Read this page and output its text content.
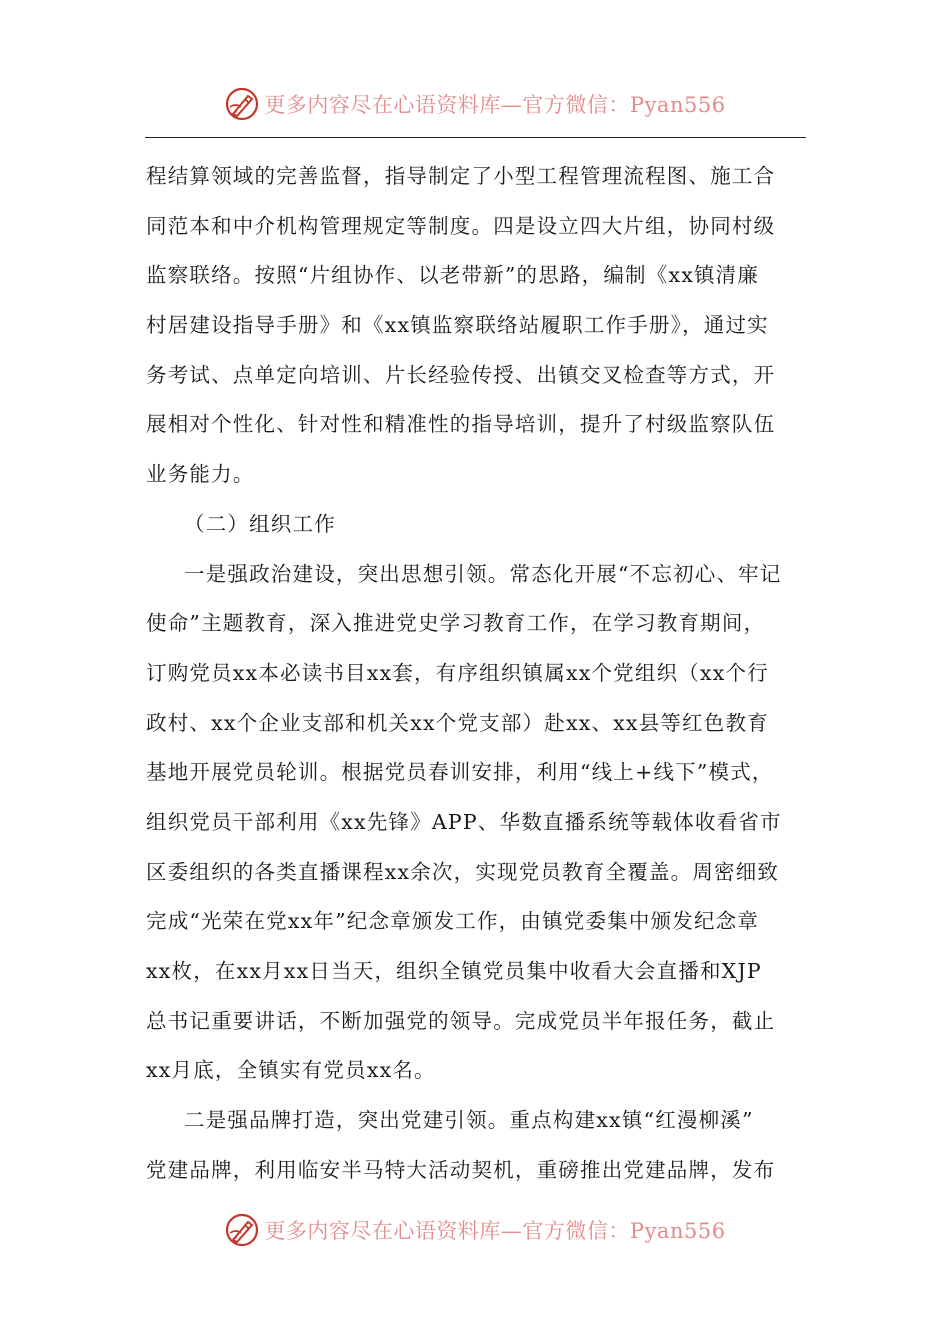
更多内容尽在心语资料库—官方微信：Pyan556
程结算领域的完善监督，指导制定了小型工程管理流程图、施工合
同范本和中介机构管理规定等制度。四是设立四大片组，协同村级
监察联络。按照“片组协作、以老带新”的思路，编制《xx镇清廉
村居建设指导手册》和《xx镇监察联络站履职工作手册》，通过实
务考试、点单定向培训、片长经验传授、出镇交叉检查等方式，开
展相对个性化、针对性和精准性的指导培训，提升了村级监察队伍
业务能力。
（二）组织工作
一是强政治建设，突出思想引领。常态化开展“不忘初心、牢记
使命”主题教育，深入推进党史学习教育工作，在学习教育期间，
订购党员xx本必读书目xx套，有序组织镇属xx个党组织（xx个行
政村、xx个企业支部和机关xx个党支部）赴xx、xx县等红色教育
基地开展党员轮训。根据党员春训安排，利用“线上+线下”模式，
组织党员干部利用《xx先锋》APP、华数直播系统等载体收看省市
区委组织的各类直播课程xx余次，实现党员教育全覆盖。周密细致
完成“光荣在党xx年”纪念章颁发工作，由镇党委集中颁发纪念章
xx枚，在xx月xx日当天，组织全镇党员集中收看大会直播和XJP
总书记重要讲话，不断加强党的领导。完成党员半年报任务，截止
xx月底，全镇实有党员xx名。
二是强品牌打造，突出党建引领。重点构建xx镇“红漫柳溪”
党建品牌，利用临安半马特大活动契机，重磅推出党建品牌，发布
更多内容尽在心语资料库—官方微信：Pyan556
